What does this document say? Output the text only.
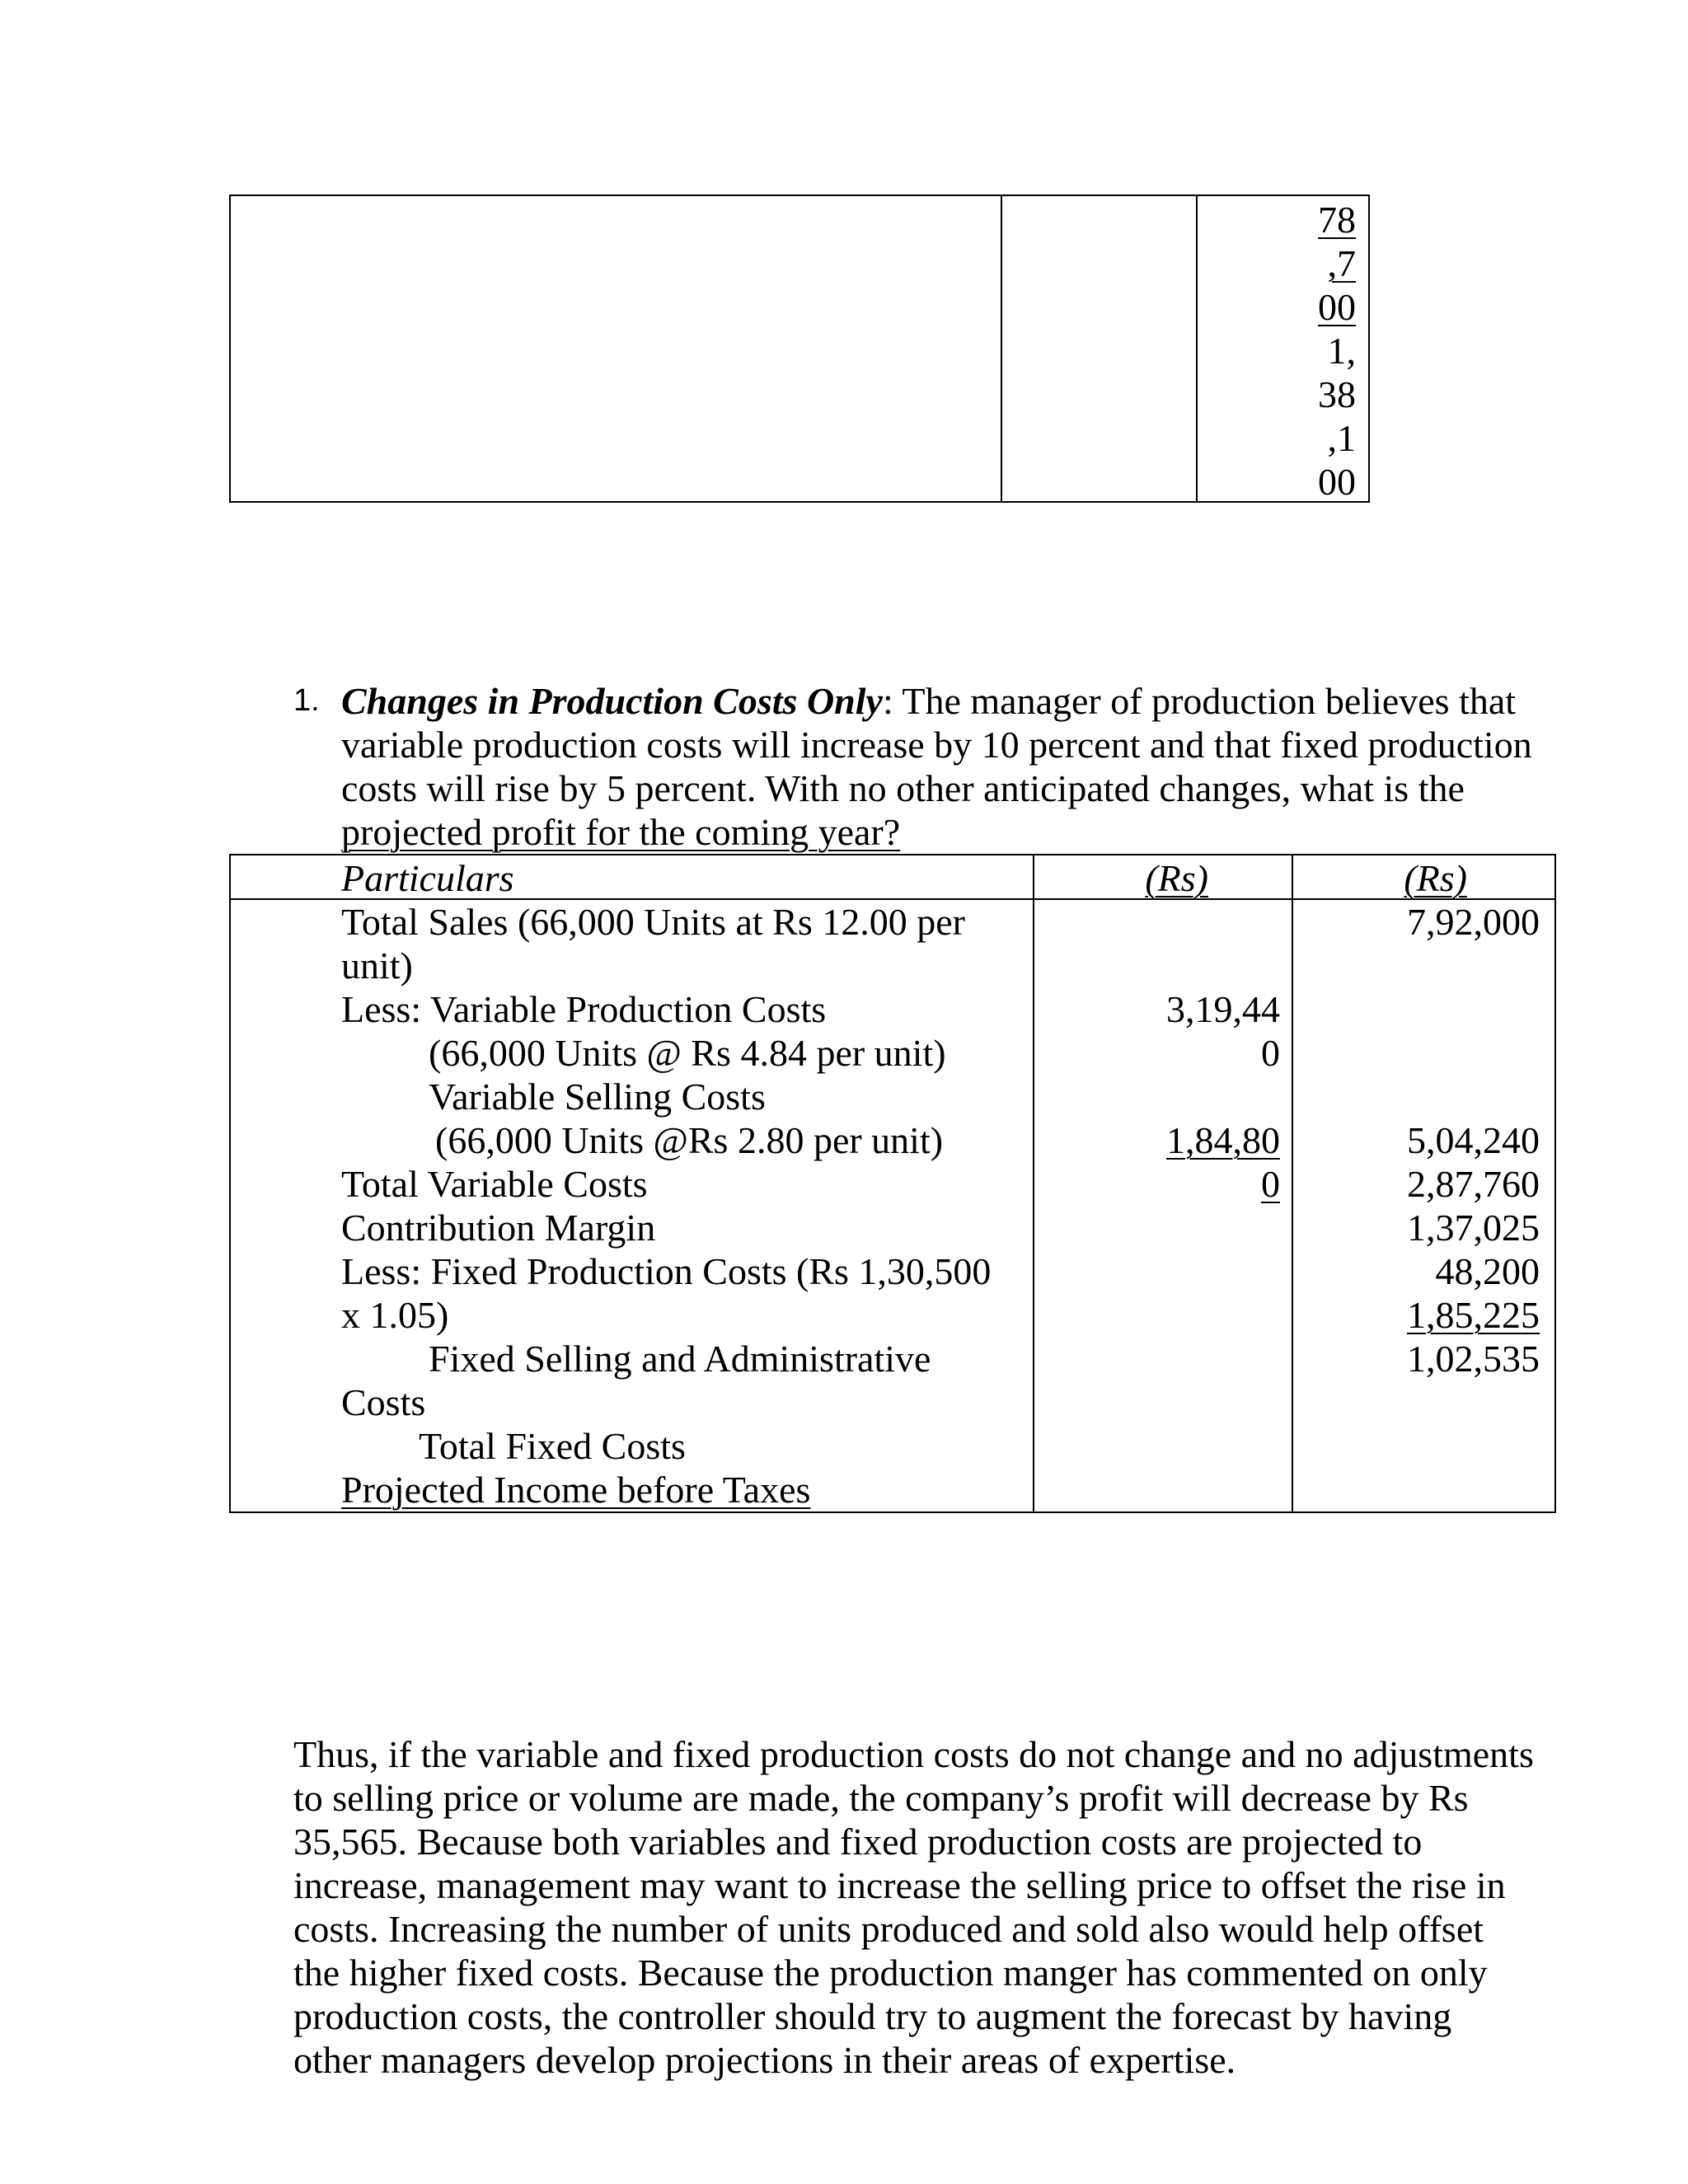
78
,7
00
1,
38
,1
00
1. Changes in Production Costs Only: The manager of production believes that
variable production costs will increase by 10 percent and that fixed production
costs will rise by 5 percent. With no other anticipated changes, what is the
projected profit for the coming year?
Particulars	(Rs)	(Rs)
Total Sales (66,000 Units at Rs 12.00 per
unit)
Less: Variable Production Costs
(66,000 Units @ Rs 4.84 per unit)
Variable Selling Costs
(66,000 Units @Rs 2.80 per unit)
Total Variable Costs
Contribution Margin
Less: Fixed Production Costs (Rs 1,30,500
x 1.05)
Fixed Selling and Administrative
Costs
Total Fixed Costs
Projected Income before Taxes
3,19,44
0
1,84,80
0
7,92,000
5,04,240
2,87,760
1,37,025
48,200
1,85,225
1,02,535
Thus, if the variable and fixed production costs do not change and no adjustments
to selling price or volume are made, the company’s profit will decrease by Rs
35,565. Because both variables and fixed production costs are projected to
increase, management may want to increase the selling price to offset the rise in
costs. Increasing the number of units produced and sold also would help offset
the higher fixed costs. Because the production manger has commented on only
production costs, the controller should try to augment the forecast by having
other managers develop projections in their areas of expertise.
